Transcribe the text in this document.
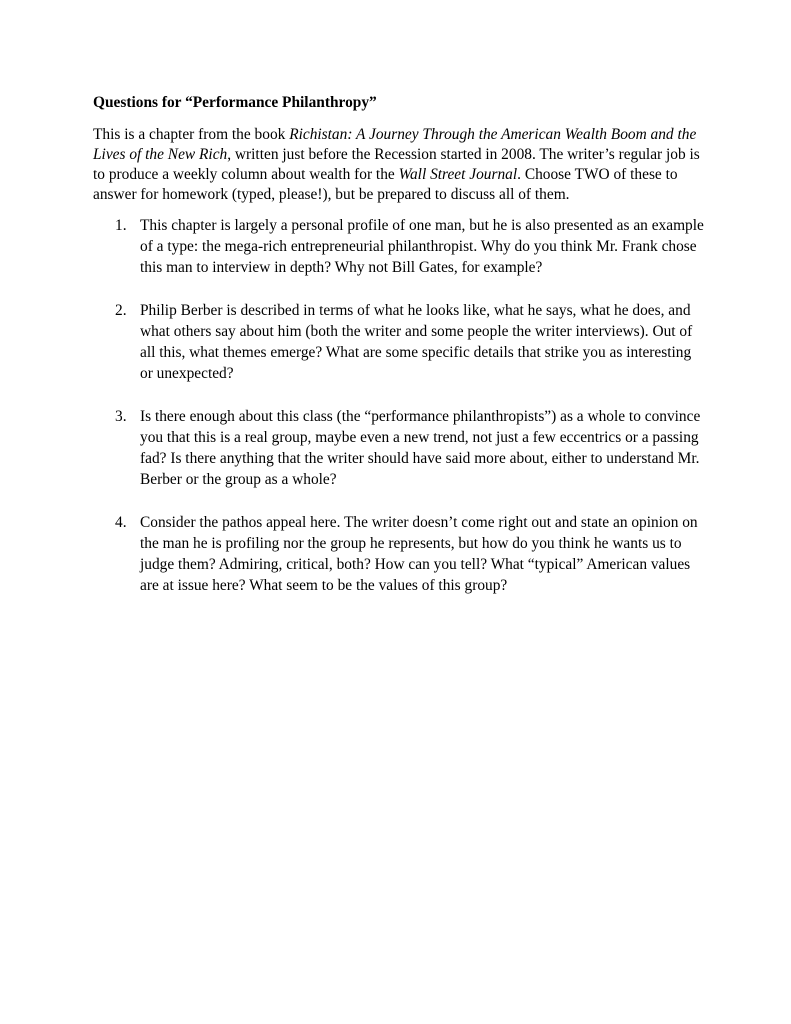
Questions for “Performance Philanthropy”

This is a chapter from the book Richistan: A Journey Through the American Wealth Boom and the Lives of the New Rich, written just before the Recession started in 2008. The writer’s regular job is to produce a weekly column about wealth for the Wall Street Journal. Choose TWO of these to answer for homework (typed, please!), but be prepared to discuss all of them.

1. This chapter is largely a personal profile of one man, but he is also presented as an example of a type: the mega-rich entrepreneurial philanthropist. Why do you think Mr. Frank chose this man to interview in depth? Why not Bill Gates, for example?
2. Philip Berber is described in terms of what he looks like, what he says, what he does, and what others say about him (both the writer and some people the writer interviews). Out of all this, what themes emerge? What are some specific details that strike you as interesting or unexpected?
3. Is there enough about this class (the “performance philanthropists”) as a whole to convince you that this is a real group, maybe even a new trend, not just a few eccentrics or a passing fad? Is there anything that the writer should have said more about, either to understand Mr. Berber or the group as a whole?
4. Consider the pathos appeal here. The writer doesn’t come right out and state an opinion on the man he is profiling nor the group he represents, but how do you think he wants us to judge them? Admiring, critical, both? How can you tell? What “typical” American values are at issue here? What seem to be the values of this group?
